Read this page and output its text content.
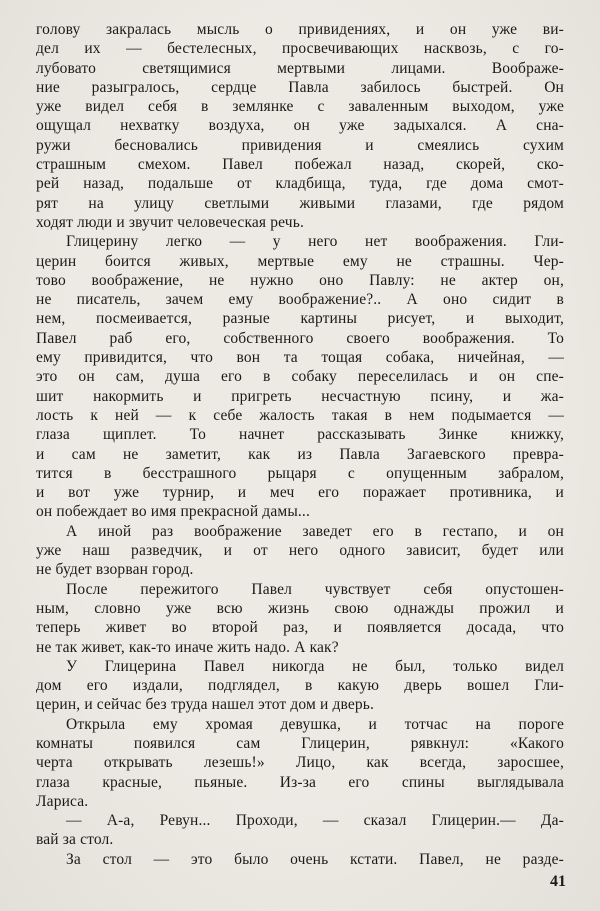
голову закралась мысль о привидениях, и он уже ви-
дел их — бестелесных, просвечивающих насквозь, с го-
лубовато светящимися мертвыми лицами. Воображе-
ние разыгралось, сердце Павла забилось быстрей. Он
уже видел себя в землянке с заваленным выходом, уже
ощущал нехватку воздуха, он уже задыхался. А сна-
ружи бесновались привидения и смеялись сухим
страшным смехом. Павел побежал назад, скорей, ско-
рей назад, подальше от кладбища, туда, где дома смот-
рят на улицу светлыми живыми глазами, где рядом
ходят люди и звучит человеческая речь.
Глицерину легко — у него нет воображения. Гли-
церин боится живых, мертвые ему не страшны. Чер-
тово воображение, не нужно оно Павлу: не актер он,
не писатель, зачем ему воображение?.. А оно сидит в
нем, посмеивается, разные картины рисует, и выходит,
Павел раб его, собственного своего воображения. То
ему привидится, что вон та тощая собака, ничейная, —
это он сам, душа его в собаку переселилась и он спе-
шит накормить и пригреть несчастную псину, и жа-
лость к ней — к себе жалость такая в нем подымается —
глаза щиплет. То начнет рассказывать Зинке книжку,
и сам не заметит, как из Павла Загаевского превра-
тится в бесстрашного рыцаря с опущенным забралом,
и вот уже турнир, и меч его поражает противника, и
он побеждает во имя прекрасной дамы...
А иной раз воображение заведет его в гестапо, и он
уже наш разведчик, и от него одного зависит, будет или
не будет взорван город.
После пережитого Павел чувствует себя опустошен-
ным, словно уже всю жизнь свою однажды прожил и
теперь живет во второй раз, и появляется досада, что
не так живет, как-то иначе жить надо. А как?
У Глицерина Павел никогда не был, только видел
дом его издали, подглядел, в какую дверь вошел Гли-
церин, и сейчас без труда нашел этот дом и дверь.
Открыла ему хромая девушка, и тотчас на пороге
комнаты появился сам Глицерин, рявкнул: «Какого
черта открывать лезешь!» Лицо, как всегда, заросшее,
глаза красные, пьяные. Из-за его спины выглядывала
Лариса.
— А-а, Ревун... Проходи, — сказал Глицерин.— Да-
вай за стол.
За стол — это было очень кстати. Павел, не разде-
41
